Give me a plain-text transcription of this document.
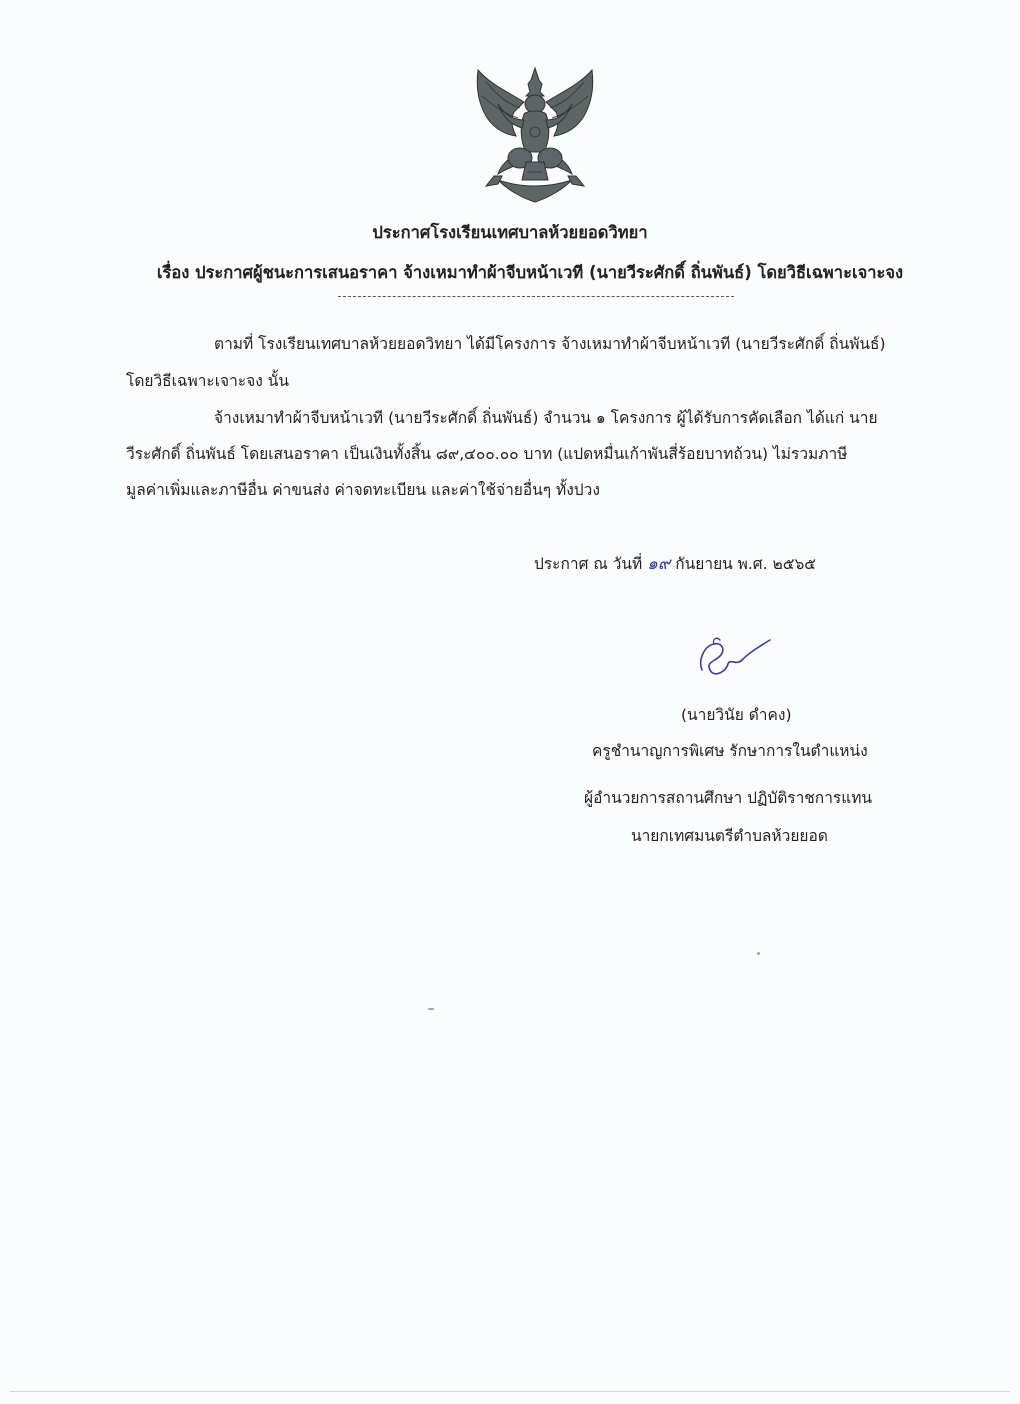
ประกาศโรงเรียนเทศบาลห้วยยอดวิทยา
เรื่อง ประกาศผู้ชนะการเสนอราคา จ้างเหมาทำผ้าจีบหน้าเวที (นายวีระศักดิ์ ถิ่นพันธ์) โดยวิธีเฉพาะเจาะจง
ตามที่ โรงเรียนเทศบาลห้วยยอดวิทยา ได้มีโครงการ จ้างเหมาทำผ้าจีบหน้าเวที (นายวีระศักดิ์ ถิ่นพันธ์)
โดยวิธีเฉพาะเจาะจง นั้น
จ้างเหมาทำผ้าจีบหน้าเวที (นายวีระศักดิ์ ถิ่นพันธ์) จำนวน ๑ โครงการ ผู้ได้รับการคัดเลือก ได้แก่ นาย
วีระศักดิ์ ถิ่นพันธ์ โดยเสนอราคา เป็นเงินทั้งสิ้น ๘๙,๔๐๐.๐๐ บาท (แปดหมื่นเก้าพันสี่ร้อยบาทถ้วน) ไม่รวมภาษี
มูลค่าเพิ่มและภาษีอื่น ค่าขนส่ง ค่าจดทะเบียน และค่าใช้จ่ายอื่นๆ ทั้งปวง
ประกาศ ณ วันที่ ๑๙ กันยายน พ.ศ. ๒๕๖๕
(นายวินัย ดำคง)
ครูชำนาญการพิเศษ รักษาการในตำแหน่ง
ผู้อำนวยการสถานศึกษา ปฏิบัติราชการแทน
นายกเทศมนตรีตำบลห้วยยอด
